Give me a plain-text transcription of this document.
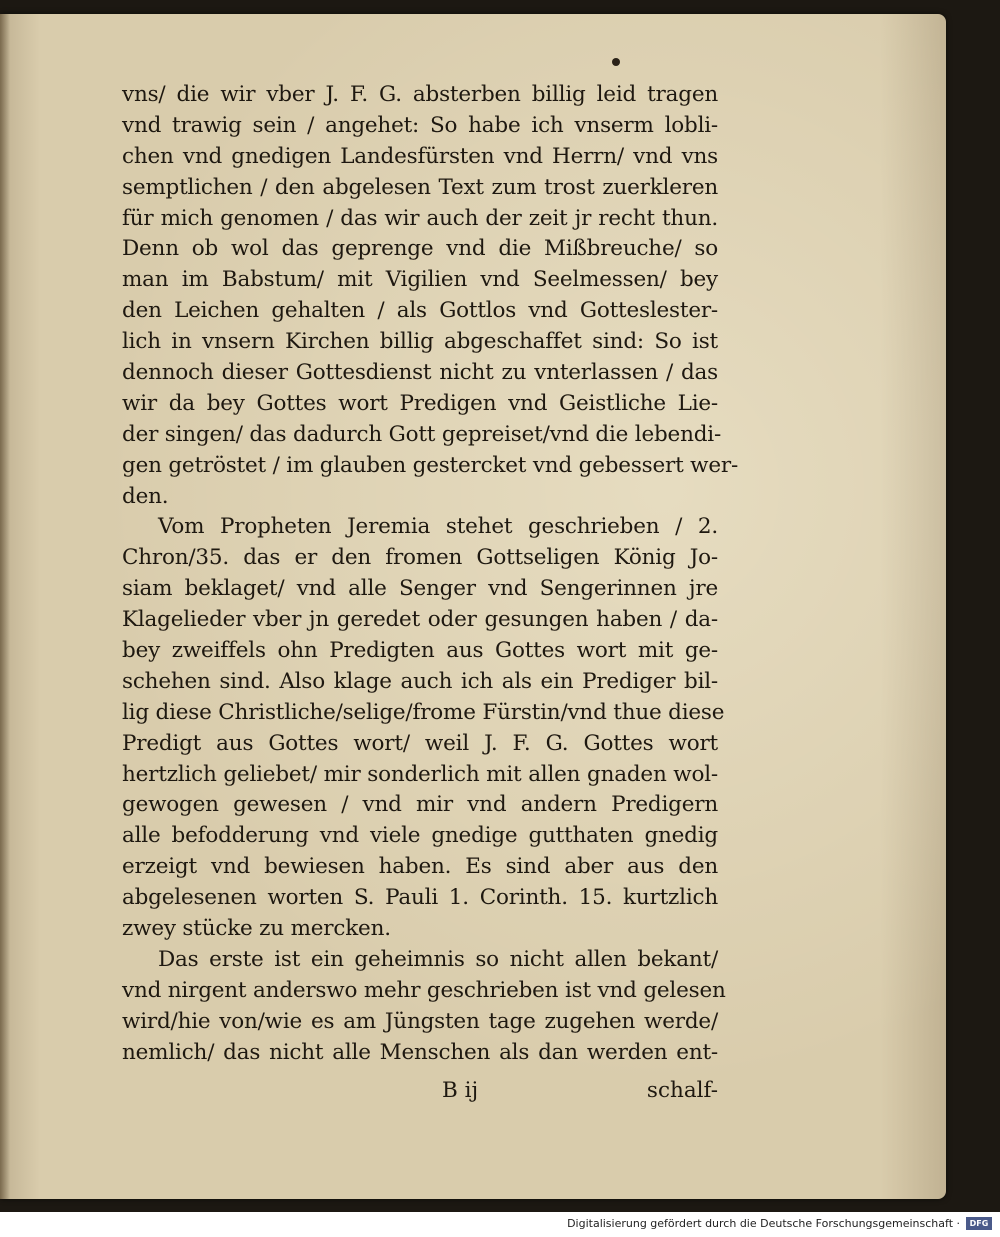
vns/ die wir vber J. F. G. absterben billig leid tragen
vnd trawig sein / angehet: So habe ich vnserm lobli-
chen vnd gnedigen Landesfürsten vnd Herrn/ vnd vns
semptlichen / den abgelesen Text zum trost zuerkleren
für mich genomen / das wir auch der zeit jr recht thun.
Denn ob wol das geprenge vnd die Mißbreuche/ so
man im Babstum/ mit Vigilien vnd Seelmessen/ bey
den Leichen gehalten / als Gottlos vnd Gotteslester-
lich in vnsern Kirchen billig abgeschaffet sind: So ist
dennoch dieser Gottesdienst nicht zu vnterlassen / das
wir da bey Gottes wort Predigen vnd Geistliche Lie-
der singen/ das dadurch Gott gepreiset/vnd die lebendi-
gen getröstet / im glauben gestercket vnd gebessert wer-
den.
Vom Propheten Jeremia stehet geschrieben / 2.
Chron/35. das er den fromen Gottseligen König Jo-
siam beklaget/ vnd alle Senger vnd Sengerinnen jre
Klagelieder vber jn geredet oder gesungen haben / da-
bey zweiffels ohn Predigten aus Gottes wort mit ge-
schehen sind. Also klage auch ich als ein Prediger bil-
lig diese Christliche/selige/frome Fürstin/vnd thue diese
Predigt aus Gottes wort/ weil J. F. G. Gottes wort
hertzlich geliebet/ mir sonderlich mit allen gnaden wol-
gewogen gewesen / vnd mir vnd andern Predigern
alle befodderung vnd viele gnedige gutthaten gnedig
erzeigt vnd bewiesen haben. Es sind aber aus den
abgelesenen worten S. Pauli 1. Corinth. 15. kurtzlich
zwey stücke zu mercken.
Das erste ist ein geheimnis so nicht allen bekant/
vnd nirgent anderswo mehr geschrieben ist vnd gelesen
wird/hie von/wie es am Jüngsten tage zugehen werde/
nemlich/ das nicht alle Menschen als dan werden ent-
B ij	schalf-
Digitalisierung gefördert durch die Deutsche Forschungsgemeinschaft ·	DFG
